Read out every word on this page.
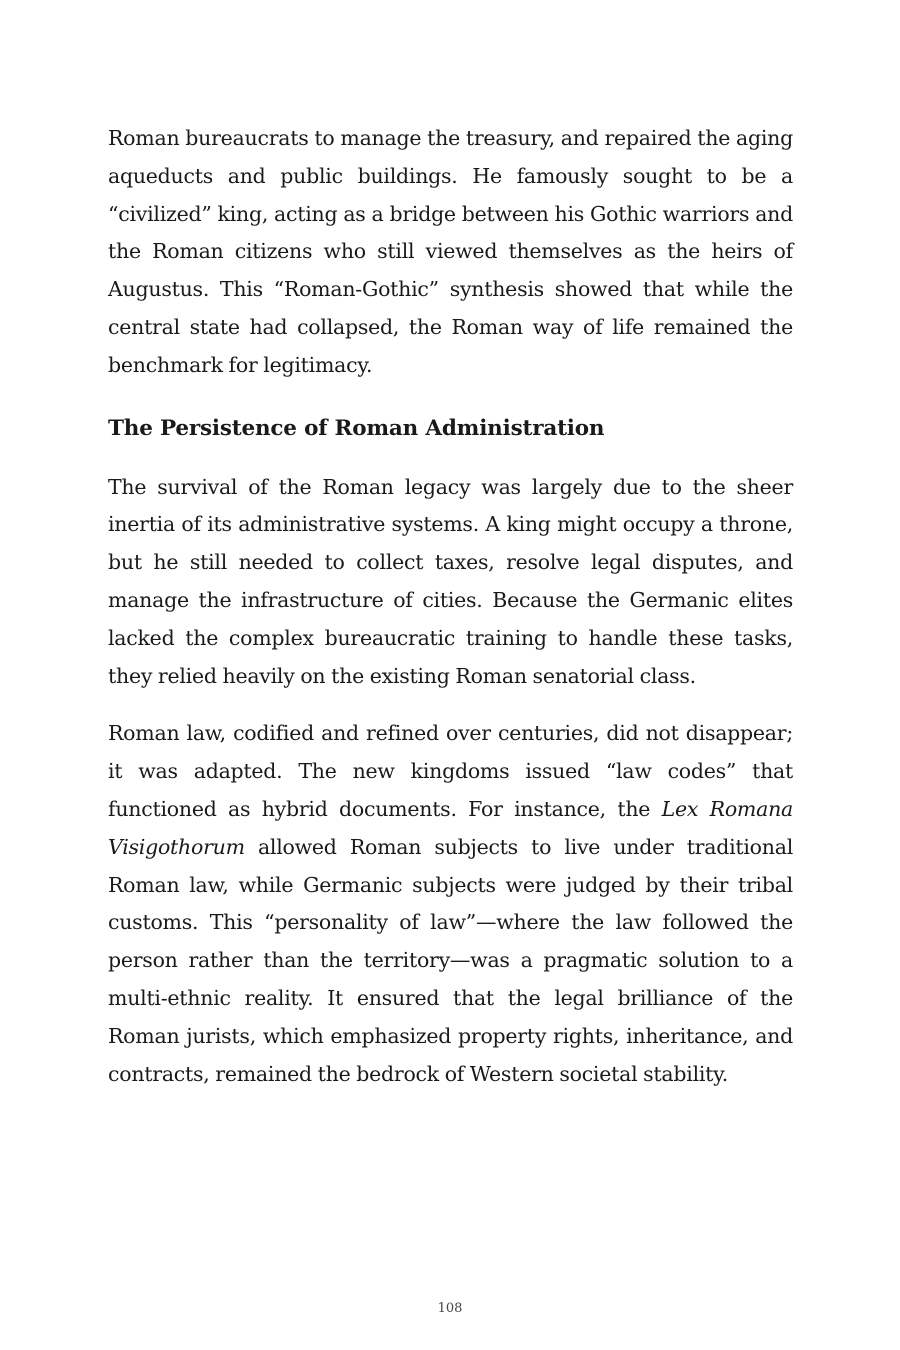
Roman bureaucrats to manage the treasury, and repaired the aging aqueducts and public buildings. He famously sought to be a “civilized” king, acting as a bridge between his Gothic warriors and the Roman citizens who still viewed themselves as the heirs of Augustus. This “Roman-Gothic” synthesis showed that while the central state had collapsed, the Roman way of life remained the benchmark for legitimacy.

The Persistence of Roman Administration

The survival of the Roman legacy was largely due to the sheer inertia of its administrative systems. A king might occupy a throne, but he still needed to collect taxes, resolve legal disputes, and manage the infrastructure of cities. Because the Germanic elites lacked the complex bureaucratic training to handle these tasks, they relied heavily on the existing Roman senatorial class.

Roman law, codified and refined over centuries, did not disappear; it was adapted. The new kingdoms issued “law codes” that functioned as hybrid documents. For instance, the Lex Romana Visigothorum allowed Roman subjects to live under traditional Roman law, while Germanic subjects were judged by their tribal customs. This “personality of law”—where the law followed the person rather than the territory—was a pragmatic solution to a multi-ethnic reality. It ensured that the legal brilliance of the Roman jurists, which emphasized property rights, inheritance, and contracts, remained the bedrock of Western societal stability.

108
